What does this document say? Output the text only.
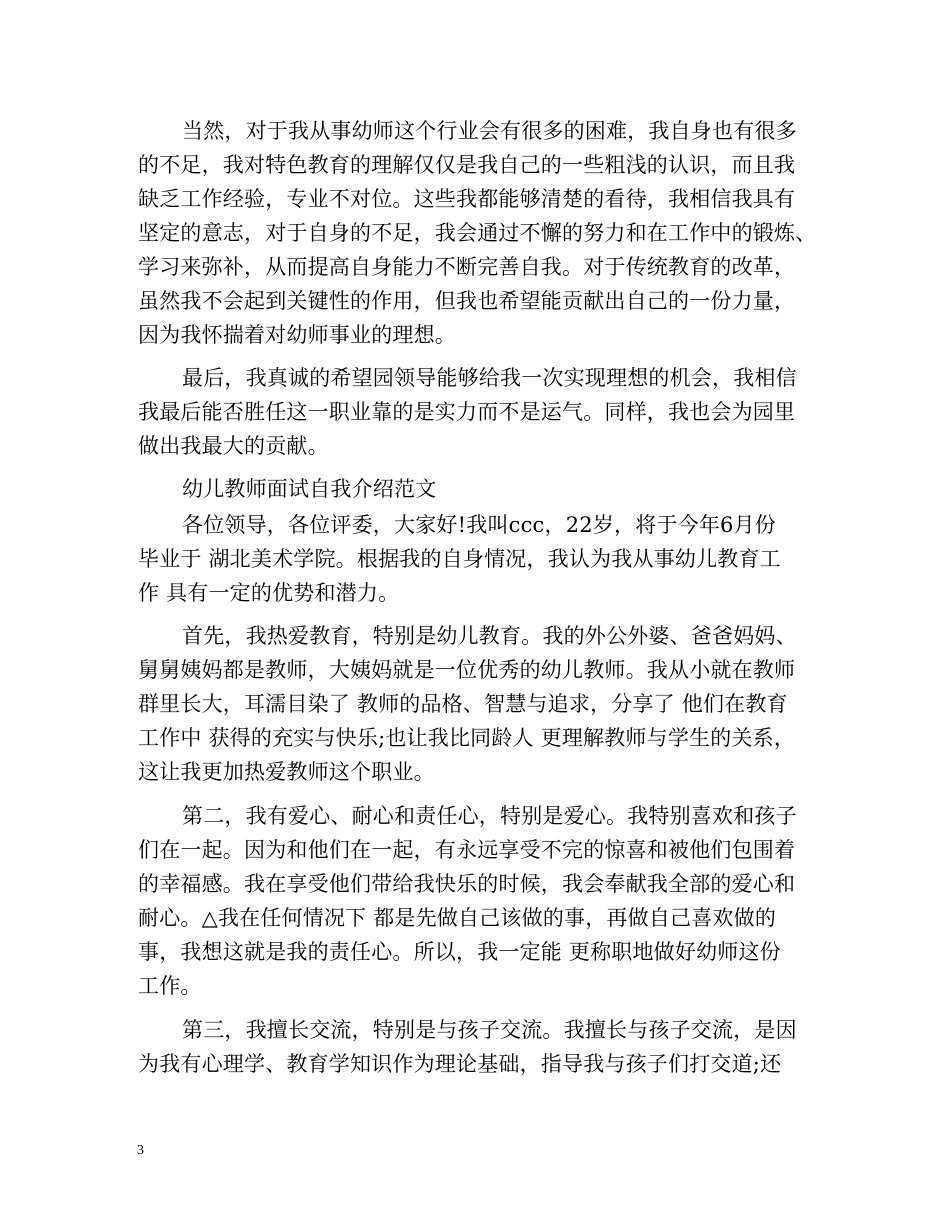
当然，对于我从事幼师这个行业会有很多的困难，我自身也有很多
的不足，我对特色教育的理解仅仅是我自己的一些粗浅的认识，而且我
缺乏工作经验，专业不对位。这些我都能够清楚的看待，我相信我具有
坚定的意志，对于自身的不足，我会通过不懈的努力和在工作中的锻炼、
学习来弥补，从而提高自身能力不断完善自我。对于传统教育的改革，
虽然我不会起到关键性的作用，但我也希望能贡献出自己的一份力量，
因为我怀揣着对幼师事业的理想。
最后，我真诚的希望园领导能够给我一次实现理想的机会，我相信
我最后能否胜任这一职业靠的是实力而不是运气。同样，我也会为园里
做出我最大的贡献。
幼儿教师面试自我介绍范文
各位领导，各位评委，大家好!我叫ccc，22岁，将于今年6月份
毕业于 湖北美术学院。根据我的自身情况，我认为我从事幼儿教育工
作 具有一定的优势和潜力。
首先，我热爱教育，特别是幼儿教育。我的外公外婆、爸爸妈妈、
舅舅姨妈都是教师，大姨妈就是一位优秀的幼儿教师。我从小就在教师
群里长大，耳濡目染了 教师的品格、智慧与追求，分享了 他们在教育
工作中 获得的充实与快乐;也让我比同龄人 更理解教师与学生的关系，
这让我更加热爱教师这个职业。
第二，我有爱心、耐心和责任心，特别是爱心。我特别喜欢和孩子
们在一起。因为和他们在一起，有永远享受不完的惊喜和被他们包围着
的幸福感。我在享受他们带给我快乐的时候，我会奉献我全部的爱心和
耐心。△我在任何情况下 都是先做自己该做的事，再做自己喜欢做的
事，我想这就是我的责任心。所以，我一定能 更称职地做好幼师这份
工作。
第三，我擅长交流，特别是与孩子交流。我擅长与孩子交流，是因
为我有心理学、教育学知识作为理论基础，指导我与孩子们打交道;还
3
